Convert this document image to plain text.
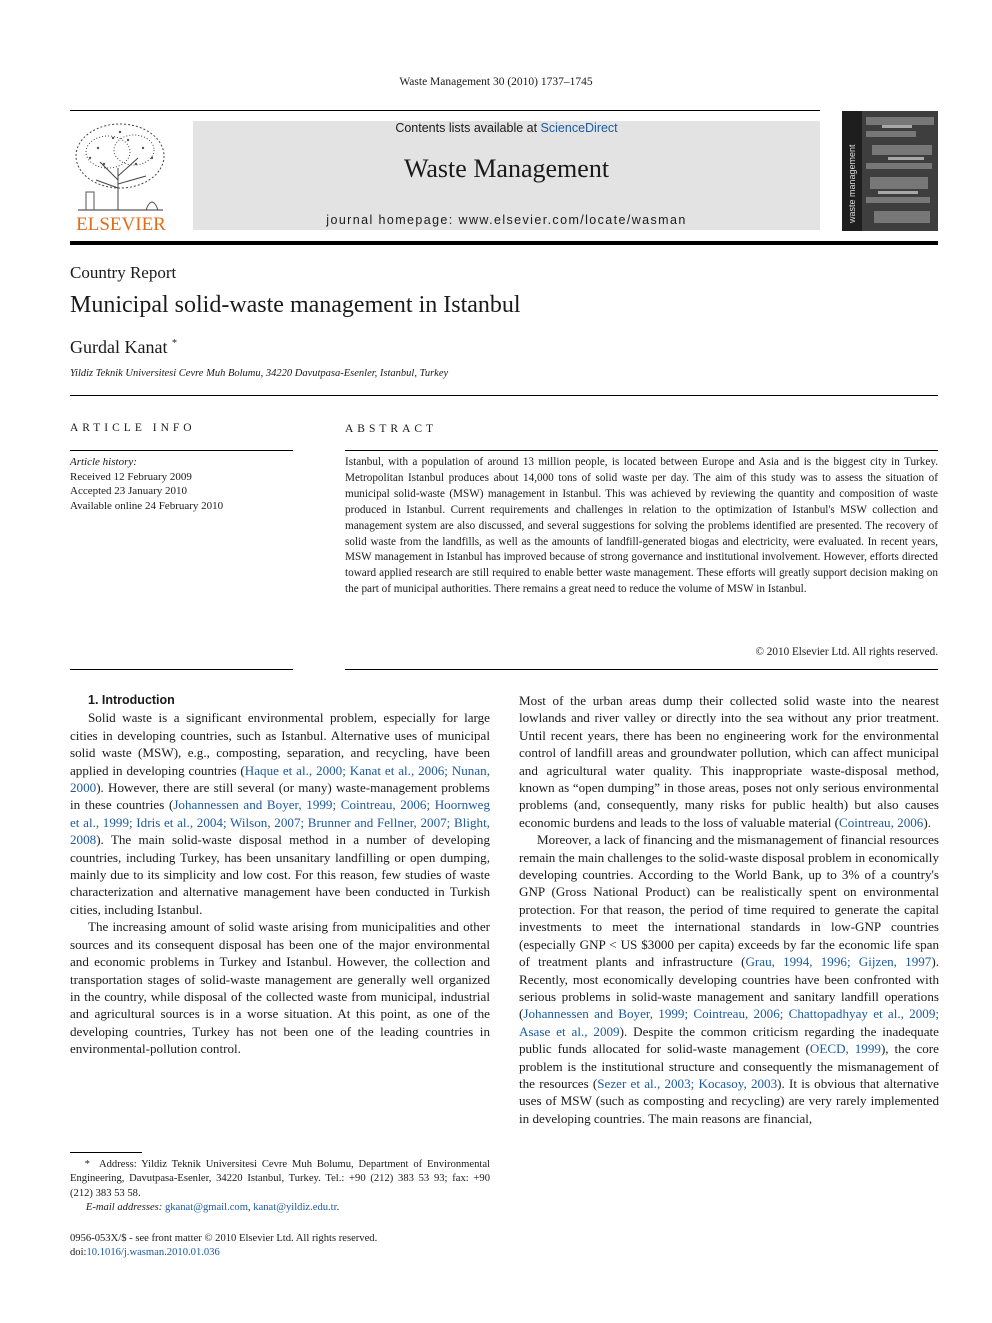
Waste Management 30 (2010) 1737–1745
ELSEVIER
Contents lists available at ScienceDirect
Waste Management
journal homepage: www.elsevier.com/locate/wasman	waste management
Country Report
Municipal solid-waste management in Istanbul
Gurdal Kanat *
Yildiz Teknik Universitesi Cevre Muh Bolumu, 34220 Davutpasa-Esenler, Istanbul, Turkey
ARTICLE INFO	ABSTRACT
Article history:
Received 12 February 2009
Accepted 23 January 2010
Available online 24 February 2010
Istanbul, with a population of around 13 million people, is located between Europe and Asia and is the biggest city in Turkey. Metropolitan Istanbul produces about 14,000 tons of solid waste per day. The aim of this study was to assess the situation of municipal solid-waste (MSW) management in Istanbul. This was achieved by reviewing the quantity and composition of waste produced in Istanbul. Current requirements and challenges in relation to the optimization of Istanbul's MSW collection and management system are also discussed, and several suggestions for solving the problems identified are presented. The recovery of solid waste from the landfills, as well as the amounts of landfill-generated biogas and electricity, were evaluated. In recent years, MSW management in Istanbul has improved because of strong governance and institutional involvement. However, efforts directed toward applied research are still required to enable better waste management. These efforts will greatly support decision making on the part of municipal authorities. There remains a great need to reduce the volume of MSW in Istanbul.
© 2010 Elsevier Ltd. All rights reserved.

1. Introduction

Solid waste is a significant environmental problem, especially for large cities in developing countries, such as Istanbul. Alternative uses of municipal solid waste (MSW), e.g., composting, separation, and recycling, have been applied in developing countries (Haque et al., 2000; Kanat et al., 2006; Nunan, 2000). However, there are still several (or many) waste-management problems in these countries (Johannessen and Boyer, 1999; Cointreau, 2006; Hoornweg et al., 1999; Idris et al., 2004; Wilson, 2007; Brunner and Fellner, 2007; Blight, 2008). The main solid-waste disposal method in a number of developing countries, including Turkey, has been unsanitary landfilling or open dumping, mainly due to its simplicity and low cost. For this reason, few studies of waste characterization and alternative management have been conducted in Turkish cities, including Istanbul.

The increasing amount of solid waste arising from municipalities and other sources and its consequent disposal has been one of the major environmental and economic problems in Turkey and Istanbul. However, the collection and transportation stages of solid-waste management are generally well organized in the country, while disposal of the collected waste from municipal, industrial and agricultural sources is in a worse situation. At this point, as one of the developing countries, Turkey has not been one of the leading countries in environmental-pollution control.

Most of the urban areas dump their collected solid waste into the nearest lowlands and river valley or directly into the sea without any prior treatment. Until recent years, there has been no engineering work for the environmental control of landfill areas and groundwater pollution, which can affect municipal and agricultural water quality. This inappropriate waste-disposal method, known as “open dumping” in those areas, poses not only serious environmental problems (and, consequently, many risks for public health) but also causes economic burdens and leads to the loss of valuable material (Cointreau, 2006).

Moreover, a lack of financing and the mismanagement of financial resources remain the main challenges to the solid-waste disposal problem in economically developing countries. According to the World Bank, up to 3% of a country's GNP (Gross National Product) can be realistically spent on environmental protection. For that reason, the period of time required to generate the capital investments to meet the international standards in low-GNP countries (especially GNP < US $3000 per capita) exceeds by far the economic life span of treatment plants and infrastructure (Grau, 1994, 1996; Gijzen, 1997). Recently, most economically developing countries have been confronted with serious problems in solid-waste management and sanitary landfill operations (Johannessen and Boyer, 1999; Cointreau, 2006; Chattopadhyay et al., 2009; Asase et al., 2009). Despite the common criticism regarding the inadequate public funds allocated for solid-waste management (OECD, 1999), the core problem is the institutional structure and consequently the mismanagement of the resources (Sezer et al., 2003; Kocasoy, 2003). It is obvious that alternative uses of MSW (such as composting and recycling) are very rarely implemented in developing countries. The main reasons are financial,

* Address: Yildiz Teknik Universitesi Cevre Muh Bolumu, Department of Environmental Engineering, Davutpasa-Esenler, 34220 Istanbul, Turkey. Tel.: +90 (212) 383 53 93; fax: +90 (212) 383 53 58.
E-mail addresses: gkanat@gmail.com, kanat@yildiz.edu.tr.
0956-053X/$ - see front matter © 2010 Elsevier Ltd. All rights reserved.
doi:10.1016/j.wasman.2010.01.036
